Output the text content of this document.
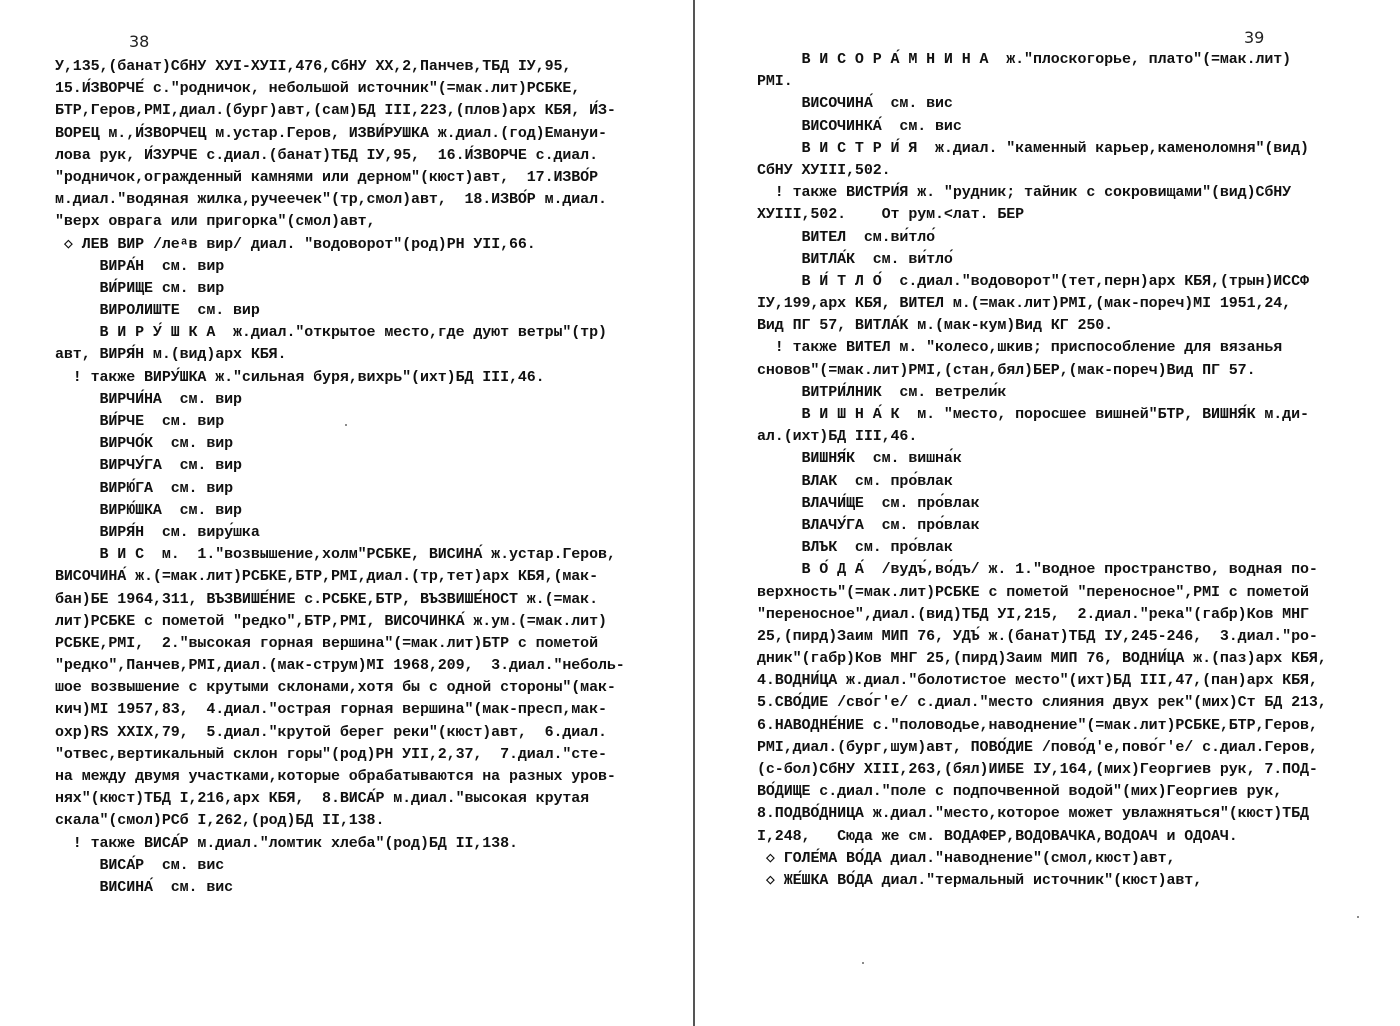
38
У,135,(банат)СбНУ ХУI-ХУII,476,СбНУ ХХ,2,Панчев,ТБД IУ,95,
15.И́ЗВОРЧЕ́ с."родничок, небольшой источник"(=мак.лит)РСБКЕ,
БТР,Геров,РМI,диал.(бург)авт,(сам)БД III,223,(плов)арх КБЯ, И́З-
ВОРЕЦ м.,И́ЗВОРЧЕЦ м.устар.Геров, ИЗВИ́РУШКА ж.диал.(год)Емануи-
лова рук, И́ЗУРЧЕ с.диал.(банат)ТБД IУ,95,  16.И́ЗВОРЧЕ с.диал.
"родничок,огражденный камнями или дерном"(кюст)авт,  17.ИЗВО́Р
м.диал."водяная жилка,ручеечек"(тр,смол)авт,  18.ИЗВО́Р м.диал.
"верх оврага или пригорка"(смол)авт,
◇ ЛЕВ ВИР /леᵃв вир/ диал. "водоворот"(род)РН УII,66.
ВИРА́Н  см. вир
ВИ́РИЩЕ см. вир
ВИРОЛИШТЕ  см. вир
В И Р У́ Ш К А  ж.диал."открытое место,где дуют ветры"(тр)
авт, ВИРЯ́Н м.(вид)арх КБЯ.
! также ВИРУ́ШКА ж."сильная буря,вихрь"(ихт)БД III,46.
ВИРЧИ́НА  см. вир
ВИ́РЧЕ  см. вир
ВИРЧО́К  см. вир
ВИРЧУ́ГА  см. вир
ВИРЮ́ГА  см. вир
ВИРЮ́ШКА  см. вир
ВИРЯ́Н  см. виру́шка
В И С  м.  1."возвышение,холм"РСБКЕ, ВИСИНА́ ж.устар.Геров,
ВИСОЧИНА́ ж.(=мак.лит)РСБКЕ,БТР,РМI,диал.(тр,тет)арх КБЯ,(мак-
бан)БЕ 1964,311, ВЪЗВИШЕ́НИЕ с.РСБКЕ,БТР, ВЪЗВИШЕ́НОСТ ж.(=мак.
лит)РСБКЕ с пометой "редко",БТР,РМI, ВИСОЧИНКА́ ж.ум.(=мак.лит)
РСБКЕ,РМI,  2."высокая горная вершина"(=мак.лит)БТР с пометой
"редко",Панчев,РМI,диал.(мак-струм)MI 1968,209,  3.диал."неболь-
шое возвышение с крутыми склонами,хотя бы с одной стороны"(мак-
кич)MI 1957,83,  4.диал."острая горная вершина"(мак-пресп,мак-
охр)RS XXIX,79,  5.диал."крутой берег реки"(кюст)авт,  6.диал.
"отвес,вертикальный склон горы"(род)РН УII,2,37,  7.диал."сте-
на между двумя участками,которые обрабатываются на разных уров-
нях"(кюст)ТБД I,216,арх КБЯ,  8.ВИСА́Р м.диал."высокая крутая
скала"(смол)РСб I,262,(род)БД II,138.
! также ВИСА́Р м.диал."ломтик хлеба"(род)БД II,138.
ВИСА́Р  см. вис
ВИСИНА́  см. вис
39
В И С О Р А́ М Н И Н А  ж."плоскогорье, плато"(=мак.лит)
РМI.
ВИСОЧИНА́  см. вис
ВИСОЧИНКА́  см. вис
В И С Т Р И́ Я  ж.диал. "каменный карьер,каменоломня"(вид)
СбНУ ХУIII,502.
! также ВИСТРИ́Я ж. "рудник; тайник с сокровищами"(вид)СбНУ
ХУIII,502.    От рум.<лат. БЕР
ВИТЕЛ  см.ви́тло́
ВИТЛА́К  см. ви́тло́
В И́ Т Л О́  с.диал."водоворот"(тет,перн)арх КБЯ,(трын)ИССФ
IУ,199,арх КБЯ, ВИТЕЛ м.(=мак.лит)РМI,(мак-пореч)MI 1951,24,
Вид ПГ 57, ВИТЛА́К м.(мак-кум)Вид КГ 250.
! также ВИТЕЛ м. "колесо,шкив; приспособление для вязанья
сновов"(=мак.лит)РМI,(стан,бял)БЕР,(мак-пореч)Вид ПГ 57.
ВИТРИ́ЛНИК  см. ветрели́к
В И Ш Н А́ К  м. "место, поросшее вишней"БТР, ВИШНЯ́К м.ди-
ал.(ихт)БД III,46.
ВИШНЯ́К  см. вишна́к
ВЛАК  см. про́влак
ВЛАЧИ́ЩЕ  см. про́влак
ВЛАЧУ́ГА  см. про́влак
ВЛЪК  см. про́влак
В О́ Д А́  /вудъ́,во́дъ/ ж. 1."водное пространство, водная по-
верхность"(=мак.лит)РСБКЕ с пометой "переносное",РМI с пометой
"переносное",диал.(вид)ТБД УI,215,  2.диал."река"(габр)Ков МНГ
25,(пирд)Заим МИП 76, УДЪ́ ж.(банат)ТБД IУ,245-246,  3.диал."ро-
дник"(габр)Ков МНГ 25,(пирд)Заим МИП 76, ВОДНИ́ЦА ж.(паз)арх КБЯ,
4.ВОДНИ́ЦА ж.диал."болотистое место"(ихт)БД III,47,(пан)арх КБЯ,
5.СВО́ДИЕ /сво́г'е/ с.диал."место слияния двух рек"(мих)Ст БД 213,
6.НАВОДНЕ́НИЕ с."половодье,наводнение"(=мак.лит)РСБКЕ,БТР,Геров,
РМI,диал.(бург,шум)авт, ПОВО́ДИЕ /пово́д'е,пово́г'е/ с.диал.Геров,
(с-бол)СбНУ XIII,263,(бял)ИИБЕ IУ,164,(мих)Георгиев рук, 7.ПОД-
ВО́ДИЩЕ с.диал."поле с подпочвенной водой"(мих)Георгиев рук,
8.ПОДВО́ДНИЦА ж.диал."место,которое может увлажняться"(кюст)ТБД
I,248,   Сюда же см. ВОДАФЕР,ВОДОВАЧКА,ВОДОАЧ и ОДОАЧ.
◇ ГОЛЕ́МА ВО́ДА диал."наводнение"(смол,кюст)авт,
◇ ЖЕ́ШКА ВО́ДА диал."термальный источник"(кюст)авт,
